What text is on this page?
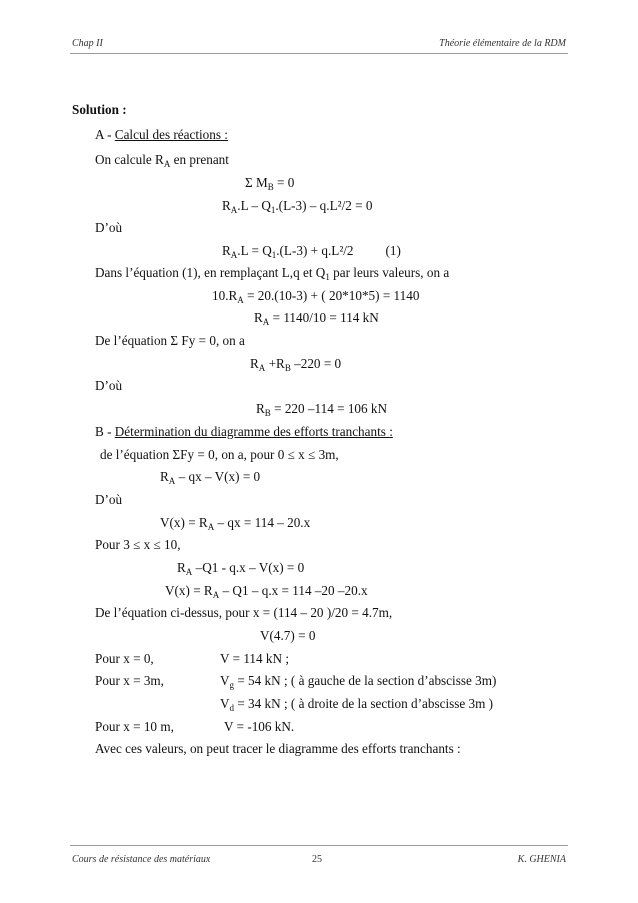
Chap II	Théorie élémentaire de la RDM
Solution :
A - Calcul des réactions :
On calcule $R_A$ en prenant
Σ $M_B = 0$
$R_A.L - Q_1.(L-3) - q.L^2/2 = 0$
D’où
$R_A.L = Q_1.(L-3) + q.L^2/2$ (1)
Dans l’équation (1), en remplaçant L,q et $Q_1$ par leurs valeurs, on a
$10.R_A = 20.(10-3)$ + ( 20*10*5) = 1140
$R_A = 1140/10 = 114$ kN
De l’équation Σ Fy = 0, on a
$R_A +R_B$ –220 = 0
D’où
$R_B = 220$ –114 = 106 kN
B - Détermination du diagramme des efforts tranchants :
de l’équation ΣFy = 0, on a, pour 0 ≤ x ≤ 3m,
$R_A$ – qx – V(x) = 0
D’où
$V(x) = R_A$ – qx = 114 – 20.x
Pour 3 ≤ x ≤ 10,
$R_A$ –Q1 - q.x – V(x) = 0
$V(x) = R_A - Q1 - q.x = 114$ –20 –20.x
De l’équation ci-dessus, pour x = (114 – 20 )/20 = 4.7m,
V(4.7) = 0
Pour x = 0,	V = 114 kN ;
Pour x = 3m,	$V_g = 54$ kN ; ( à gauche de la section d’abscisse 3m)
$V_d = 34$ kN ; ( à droite de la section d’abscisse 3m )
Pour x = 10 m,	V = -106 kN.
Avec ces valeurs, on peut tracer le diagramme des efforts tranchants :
Cours de résistance des matériaux	25	K. GHENIA
